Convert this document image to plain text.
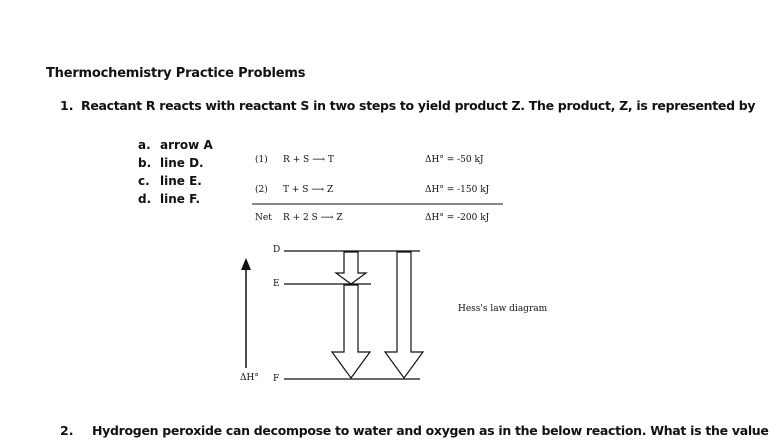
Thermochemistry Practice Problems
1. Reactant R reacts with reactant S in two steps to yield product Z. The product, Z, is represented by
a. arrow A
b. line D.
c. line E.
d. line F.
(1) R + S ⟶ T	ΔH° = -50 kJ
(2) T + S ⟶ Z	ΔH° = -150 kJ
Net R + 2 S ⟶ Z	ΔH° = -200 kJ
D
E
F
ΔH°
Hess's law diagram
2. Hydrogen peroxide can decompose to water and oxygen as in the below reaction. What is the value
